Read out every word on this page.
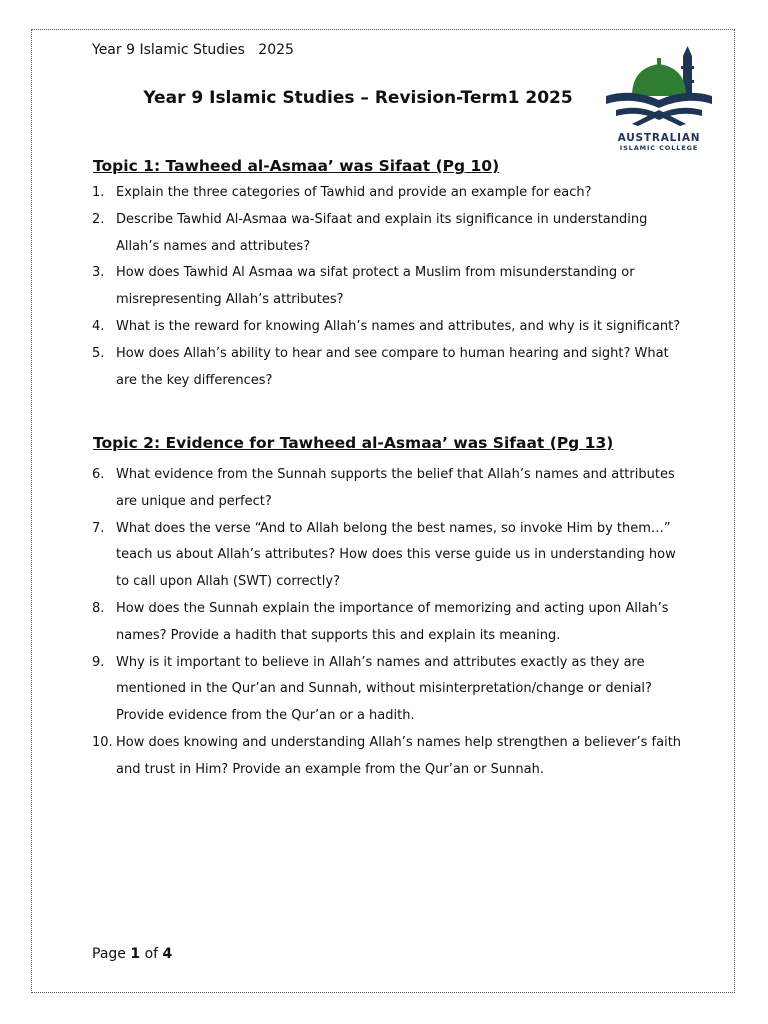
Year 9 Islamic Studies   2025
Year 9 Islamic Studies – Revision-Term1 2025
EST.	1986
AUSTRALIAN
ISLAMIC COLLEGE
Topic 1: Tawheed al-Asmaa’ was Sifaat (Pg 10)
1. Explain the three categories of Tawhid and provide an example for each?
2. Describe Tawhid Al-Asmaa wa-Sifaat and explain its significance in understanding Allah’s names and attributes?
3. How does Tawhid Al Asmaa wa sifat protect a Muslim from misunderstanding or misrepresenting Allah’s attributes?
4. What is the reward for knowing Allah’s names and attributes, and why is it significant?
5. How does Allah’s ability to hear and see compare to human hearing and sight? What are the key differences?
Topic 2: Evidence for Tawheed al-Asmaa’ was Sifaat (Pg 13)
6. What evidence from the Sunnah supports the belief that Allah’s names and attributes are unique and perfect?
7. What does the verse “And to Allah belong the best names, so invoke Him by them…” teach us about Allah’s attributes? How does this verse guide us in understanding how to call upon Allah (SWT) correctly?
8. How does the Sunnah explain the importance of memorizing and acting upon Allah’s names? Provide a hadith that supports this and explain its meaning.
9. Why is it important to believe in Allah’s names and attributes exactly as they are mentioned in the Qur’an and Sunnah, without misinterpretation/change or denial? Provide evidence from the Qur’an or a hadith.
10. How does knowing and understanding Allah’s names help strengthen a believer’s faith and trust in Him? Provide an example from the Qur’an or Sunnah.
Page 1 of 4
